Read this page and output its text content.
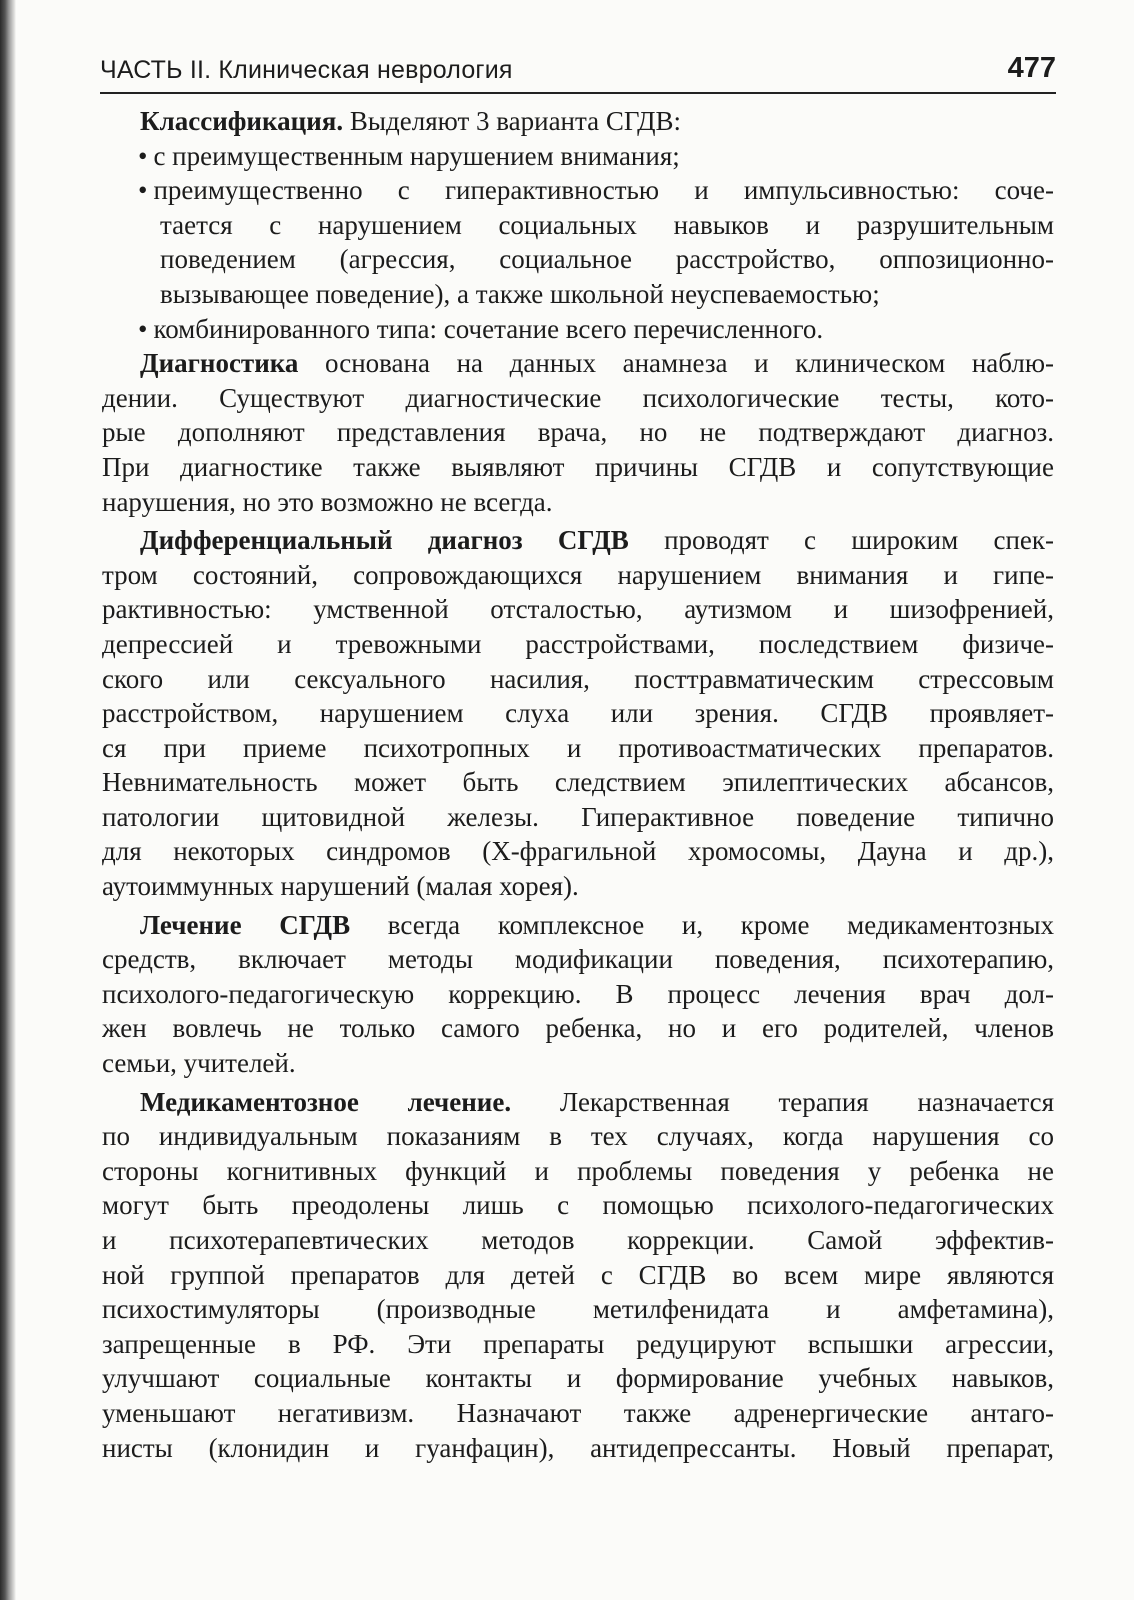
ЧАСТЬ II. Клиническая неврология	477
Классификация. Выделяют 3 варианта СГДВ:
• с преимущественным нарушением внимания;
• преимущественно с гиперактивностью и импульсивностью: соче-
тается с нарушением социальных навыков и разрушительным
поведением (агрессия, социальное расстройство, оппозиционно-
вызывающее поведение), а также школьной неуспеваемостью;
• комбинированного типа: сочетание всего перечисленного.
Диагностика основана на данных анамнеза и клиническом наблю-
дении. Существуют диагностические психологические тесты, кото-
рые дополняют представления врача, но не подтверждают диагноз.
При диагностике также выявляют причины СГДВ и сопутствующие
нарушения, но это возможно не всегда.
Дифференциальный диагноз СГДВ проводят с широким спек-
тром состояний, сопровождающихся нарушением внимания и гипе-
рактивностью: умственной отсталостью, аутизмом и шизофренией,
депрессией и тревожными расстройствами, последствием физиче-
ского или сексуального насилия, посттравматическим стрессовым
расстройством, нарушением слуха или зрения. СГДВ проявляет-
ся при приеме психотропных и противоастматических препаратов.
Невнимательность может быть следствием эпилептических абсансов,
патологии щитовидной железы. Гиперактивное поведение типично
для некоторых синдромов (X-фрагильной хромосомы, Дауна и др.),
аутоиммунных нарушений (малая хорея).
Лечение СГДВ всегда комплексное и, кроме медикаментозных
средств, включает методы модификации поведения, психотерапию,
психолого-педагогическую коррекцию. В процесс лечения врач дол-
жен вовлечь не только самого ребенка, но и его родителей, членов
семьи, учителей.
Медикаментозное лечение. Лекарственная терапия назначается
по индивидуальным показаниям в тех случаях, когда нарушения со
стороны когнитивных функций и проблемы поведения у ребенка не
могут быть преодолены лишь с помощью психолого-педагогических
и психотерапевтических методов коррекции. Самой эффектив-
ной группой препаратов для детей с СГДВ во всем мире являются
психостимуляторы (производные метилфенидата и амфетамина),
запрещенные в РФ. Эти препараты редуцируют вспышки агрессии,
улучшают социальные контакты и формирование учебных навыков,
уменьшают негативизм. Назначают также адренергические антаго-
нисты (клонидин и гуанфацин), антидепрессанты. Новый препарат,
